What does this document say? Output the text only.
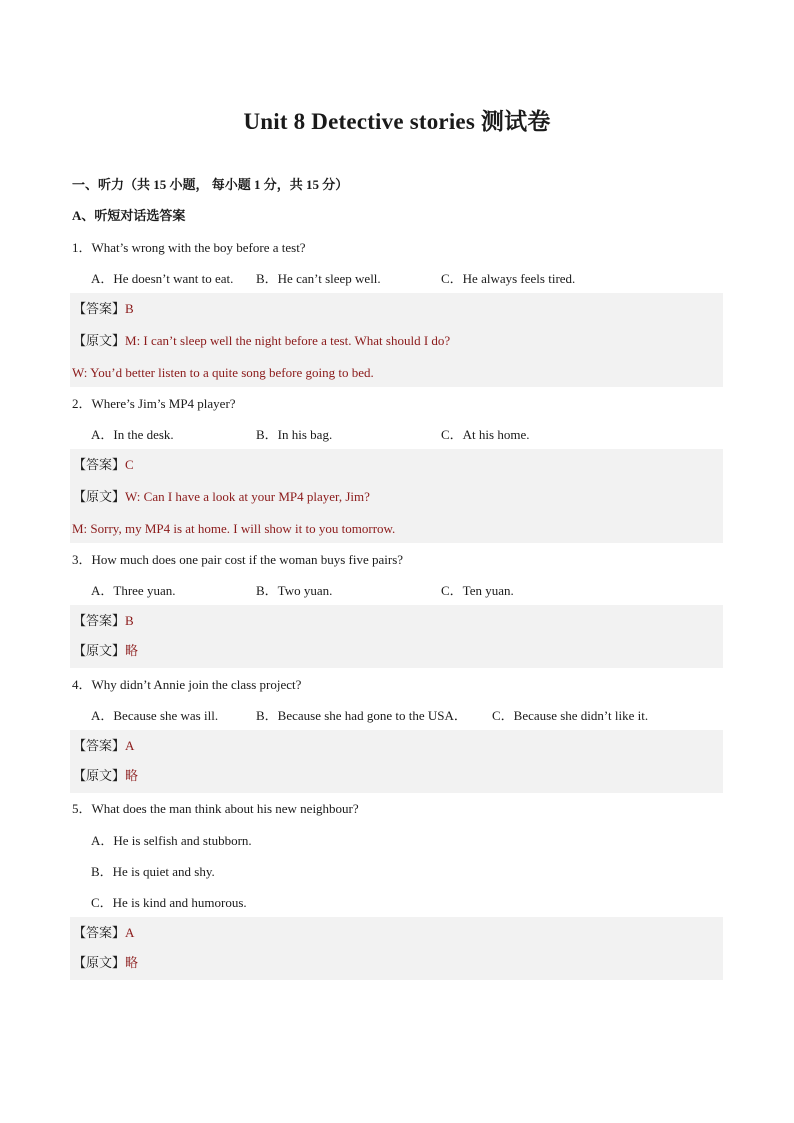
Unit 8 Detective stories 测试卷
一、听力（共 15 小题， 每小题 1 分，共 15 分）
A、听短对话选答案
1．What’s wrong with the boy before a test?
A．He doesn’t want to eat. B．He can’t sleep well.	C．He always feels tired.
【答案】B
【原文】M: I can’t sleep well the night before a test. What should I do?
W: You’d better listen to a quite song before going to bed.
2．Where’s Jim’s MP4 player?
A．In the desk.	B．In his bag.	C．At his home.
【答案】C
【原文】W: Can I have a look at your MP4 player, Jim?
M: Sorry, my MP4 is at home. I will show it to you tomorrow.
3．How much does one pair cost if the woman buys five pairs?
A．Three yuan.	B．Two yuan.	C．Ten yuan.
【答案】B
【原文】略
4．Why didn’t Annie join the class project?
A．Because she was ill.	B．Because she had gone to the USA． C．Because she didn’t like it.
【答案】A
【原文】略
5．What does the man think about his new neighbour?
A．He is selfish and stubborn.
B．He is quiet and shy.
C．He is kind and humorous.
【答案】A
【原文】略
